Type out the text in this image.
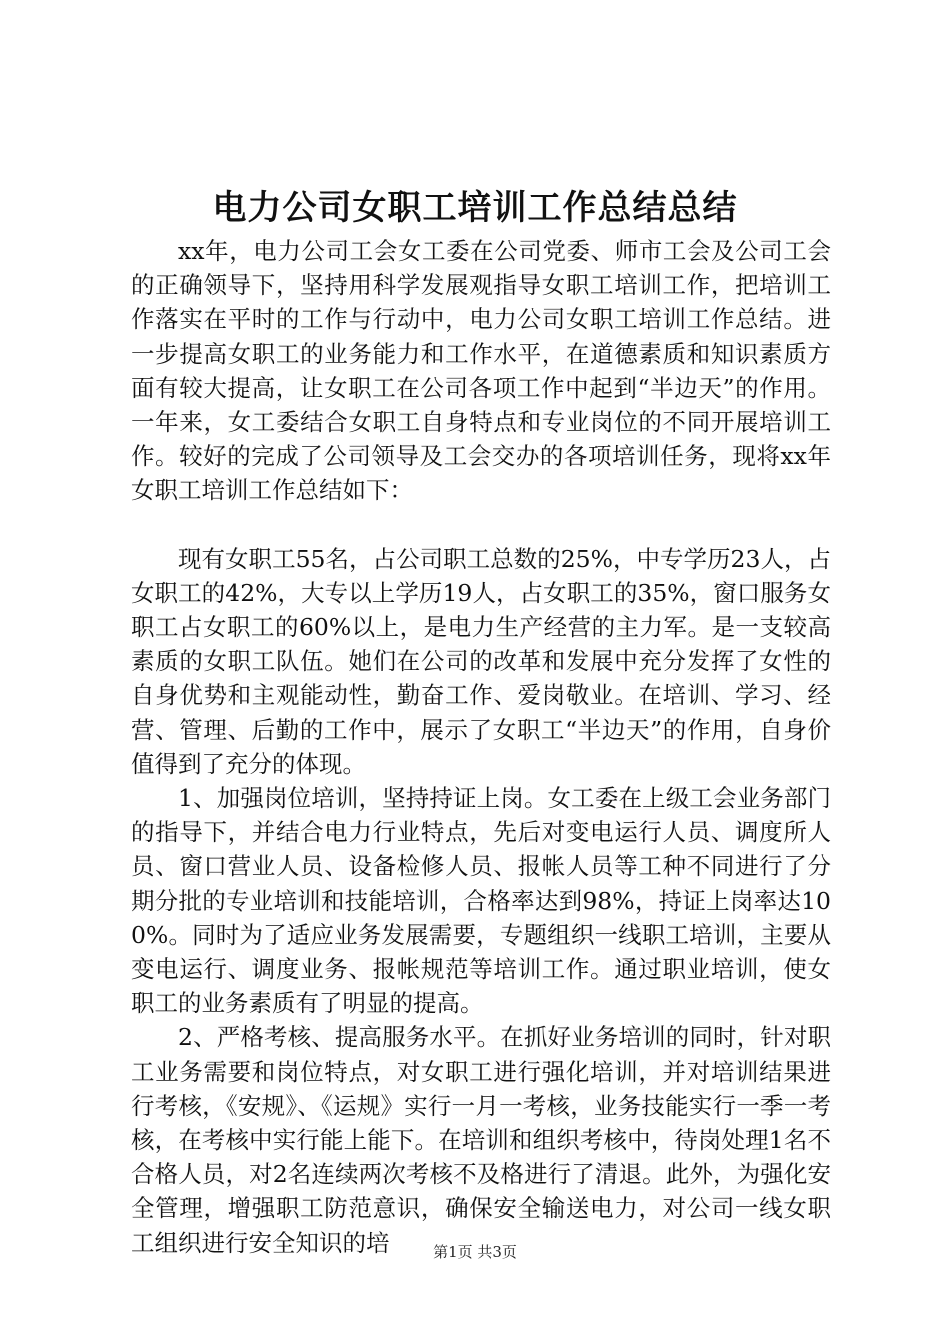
电力公司女职工培训工作总结总结

xx年，电力公司工会女工委在公司党委、师市工会及公司工会的正确领导下，坚持用科学发展观指导女职工培训工作，把培训工作落实在平时的工作与行动中，电力公司女职工培训工作总结。进一步提高女职工的业务能力和工作水平，在道德素质和知识素质方面有较大提高，让女职工在公司各项工作中起到“半边天”的作用。一年来，女工委结合女职工自身特点和专业岗位的不同开展培训工作。较好的完成了公司领导及工会交办的各项培训任务，现将xx年女职工培训工作总结如下：

现有女职工55名，占公司职工总数的25%，中专学历23人，占女职工的42%，大专以上学历19人，占女职工的35%，窗口服务女职工占女职工的60%以上，是电力生产经营的主力军。是一支较高素质的女职工队伍。她们在公司的改革和发展中充分发挥了女性的自身优势和主观能动性，勤奋工作、爱岗敬业。在培训、学习、经营、管理、后勤的工作中，展示了女职工“半边天”的作用，自身价值得到了充分的体现。

1、加强岗位培训，坚持持证上岗。女工委在上级工会业务部门的指导下，并结合电力行业特点，先后对变电运行人员、调度所人员、窗口营业人员、设备检修人员、报帐人员等工种不同进行了分期分批的专业培训和技能培训，合格率达到98%，持证上岗率达100%。同时为了适应业务发展需要，专题组织一线职工培训，主要从变电运行、调度业务、报帐规范等培训工作。通过职业培训，使女职工的业务素质有了明显的提高。

2、严格考核、提高服务水平。在抓好业务培训的同时，针对职工业务需要和岗位特点，对女职工进行强化培训，并对培训结果进行考核，《安规》、《运规》实行一月一考核，业务技能实行一季一考核，在考核中实行能上能下。在培训和组织考核中，待岗处理1名不合格人员，对2名连续两次考核不及格进行了清退。此外，为强化安全管理，增强职工防范意识，确保安全输送电力，对公司一线女职工组织进行安全知识的培	第1页 共3页
